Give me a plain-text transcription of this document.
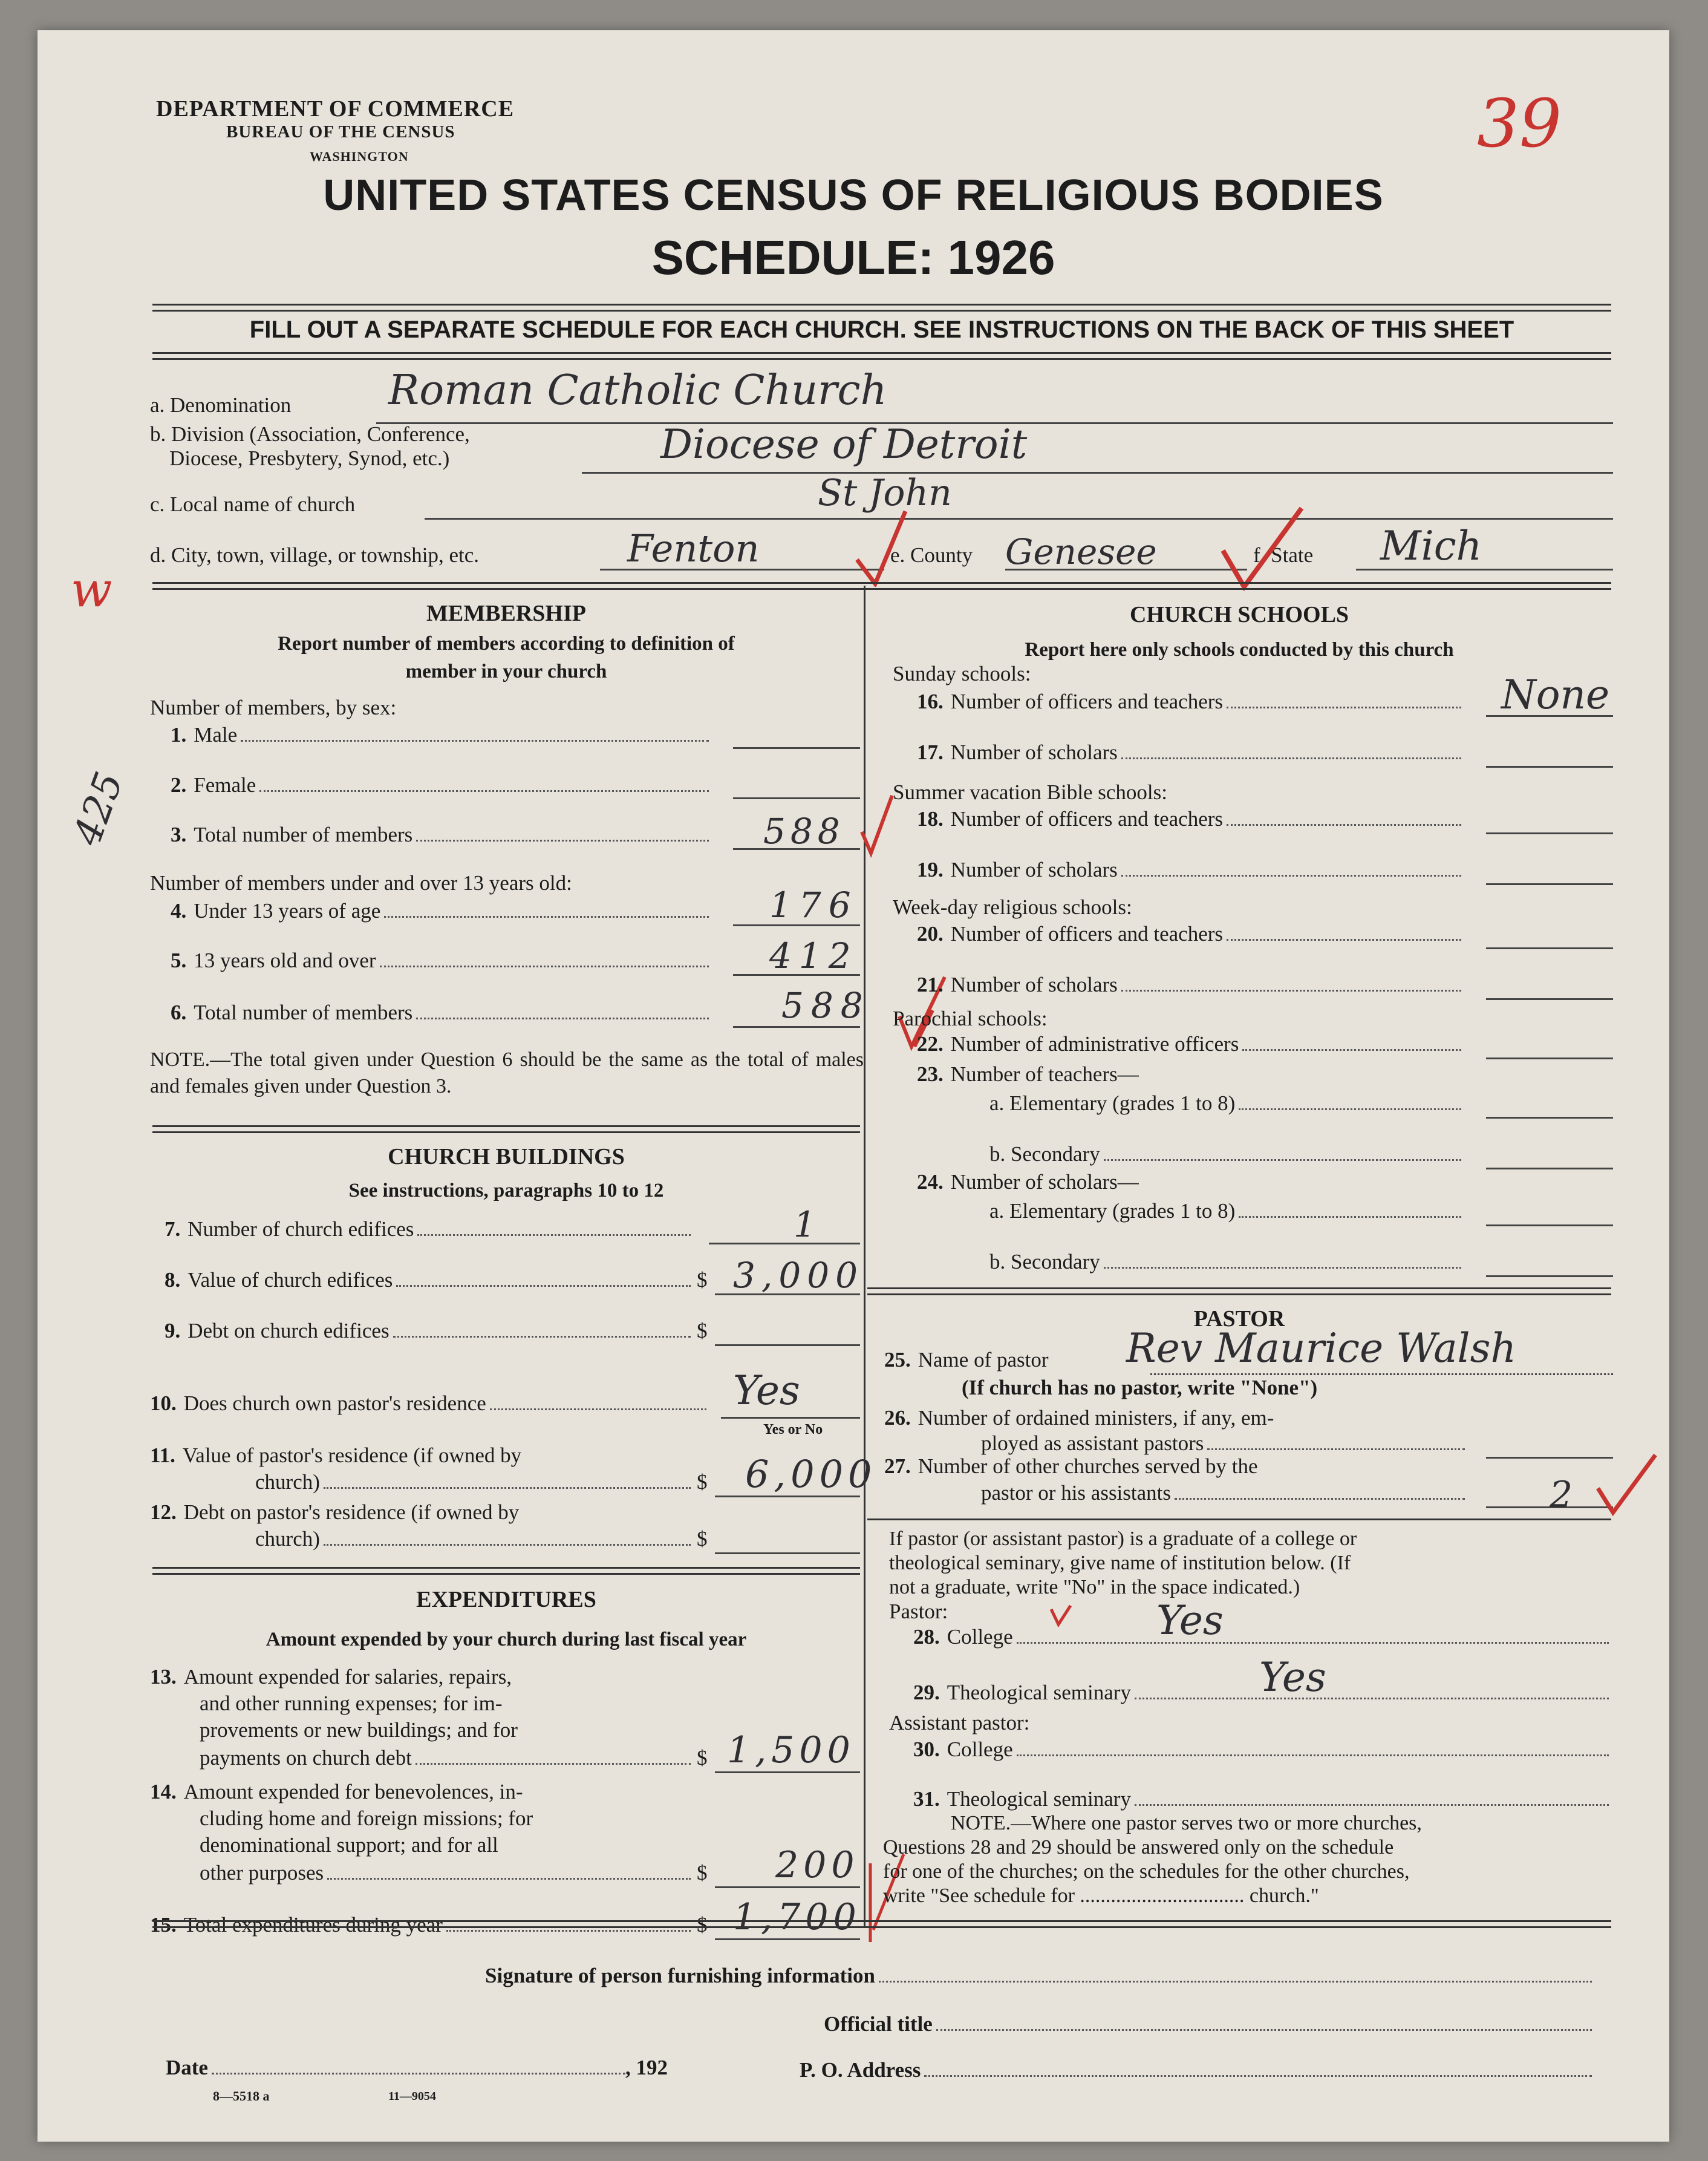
DEPARTMENT OF COMMERCE
BUREAU OF THE CENSUS
WASHINGTON	39
UNITED STATES CENSUS OF RELIGIOUS BODIES
SCHEDULE: 1926
FILL OUT A SEPARATE SCHEDULE FOR EACH CHURCH. SEE INSTRUCTIONS ON THE BACK OF THIS SHEET
a. Denomination Roman Catholic Church
b. Division (Association, Conference,
Diocese, Presbytery, Synod, etc.)	Diocese of Detroit
c. Local name of church	St John
d. City, town, village, or township, etc.	Fenton	e. County Genesee	f. State Mich
w	MEMBERSHIP
Report number of members according to definition of
member in your church
Number of members, by sex:
1. Male
2. Female
3. Total number of members	588
425
Number of members under and over 13 years old:
4. Under 13 years of age	176
5. 13 years old and over	412
6. Total number of members	588
NOTE.—The total given under Question 6 should be the same as the total of males and females given under Question 3.
CHURCH BUILDINGS
See instructions, paragraphs 10 to 12
7. Number of church edifices	1
8. Value of church edifices	$ 3,000
9. Debt on church edifices	$
10. Does church own pastor's residence	Yes
Yes or No
11. Value of pastor's residence (if owned by
church)	$ 6,000
12. Debt on pastor's residence (if owned by
church)	$
EXPENDITURES
Amount expended by your church during last fiscal year
13. Amount expended for salaries, repairs,
and other running expenses; for im-
provements or new buildings; and for
payments on church debt	$ 1,500
14. Amount expended for benevolences, in-
cluding home and foreign missions; for
denominational support; and for all
other purposes	$ 200
15. Total expenditures during year	$ 1,700
CHURCH SCHOOLS
Report here only schools conducted by this church
Sunday schools:
16. Number of officers and teachers	None
17. Number of scholars
Summer vacation Bible schools:
18. Number of officers and teachers
19. Number of scholars
Week-day religious schools:
20. Number of officers and teachers
21. Number of scholars
Parochial schools:
22. Number of administrative officers
23. Number of teachers—
a. Elementary (grades 1 to 8)
b. Secondary
24. Number of scholars—
a. Elementary (grades 1 to 8)
b. Secondary
PASTOR
25. Name of pastor Rev Maurice Walsh
(If church has no pastor, write "None")
26. Number of ordained ministers, if any, em-
ployed as assistant pastors
27. Number of other churches served by the
pastor or his assistants	2
If pastor (or assistant pastor) is a graduate of a college or
theological seminary, give name of institution below. (If
not a graduate, write "No" in the space indicated.)
Pastor:
28. College	Yes
29. Theological seminary	Yes
Assistant pastor:
30. College
31. Theological seminary
NOTE.—Where one pastor serves two or more churches,
Questions 28 and 29 should be answered only on the schedule
for one of the churches; on the schedules for the other churches,
write "See schedule for ................................ church."
Signature of person furnishing information
Official title
Date	, 192	P. O. Address
8—5518 a	11—9054
